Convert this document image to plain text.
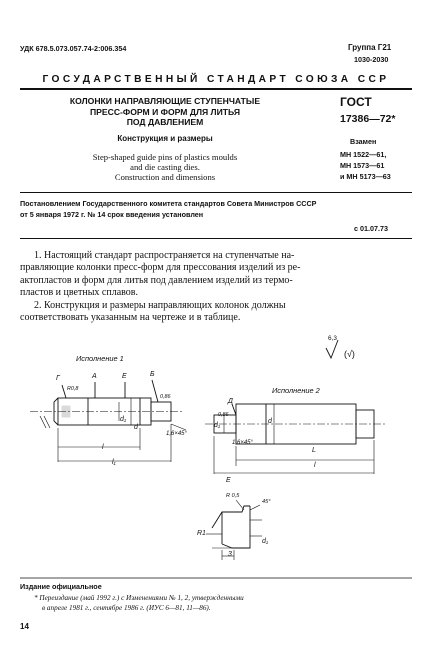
УДК 678.5.073.057.74-2:006.354	Группа Г21
1030-2030
ГОСУДАРСТВЕННЫЙ СТАНДАРТ СОЮЗА ССР
КОЛОНКИ НАПРАВЛЯЮЩИЕ СТУПЕНЧАТЫЕ
ПРЕСС-ФОРМ И ФОРМ ДЛЯ ЛИТЬЯ
ПОД ДАВЛЕНИЕМ
Конструкция и размеры
Step-shaped guide pins of plastics moulds
and die casting dies.
Construction and dimensions
ГОСТ
17386—72*
Взамен
МН 1522—61,
МН 1573—61
и МН 5173—63
Постановлением Государственного комитета стандартов Совета Министров СССР
от 5 января 1972 г. № 14 срок введения установлен
с 01.07.73
1. Настоящий стандарт распространяется на ступенчатые на-
правляющие колонки пресс-форм для прессования изделий из ре-
актопластов и форм для литья под давлением изделий из термо-
пластов и цветных сплавов.
2. Конструкция и размеры направляющих колонок должны
соответствовать указанным на чертеже и в таблице.
Исполнение 1
Исполнение 2
6,3
(√)
Г	А	Е	Б
R0,8
0,86
1,6×45°
d
d₁
l
l₁
Д
0,86
1,6×45°
d₁
d
L
l
Е
R 0,5
45°
R1
3
d₁
Издание официальное
* Переиздание (май 1992 г.) с Изменениями № 1, 2, утвержденными
в апреле 1981 г., сентябре 1986 г. (ИУС 6—81, 11—86).
14
